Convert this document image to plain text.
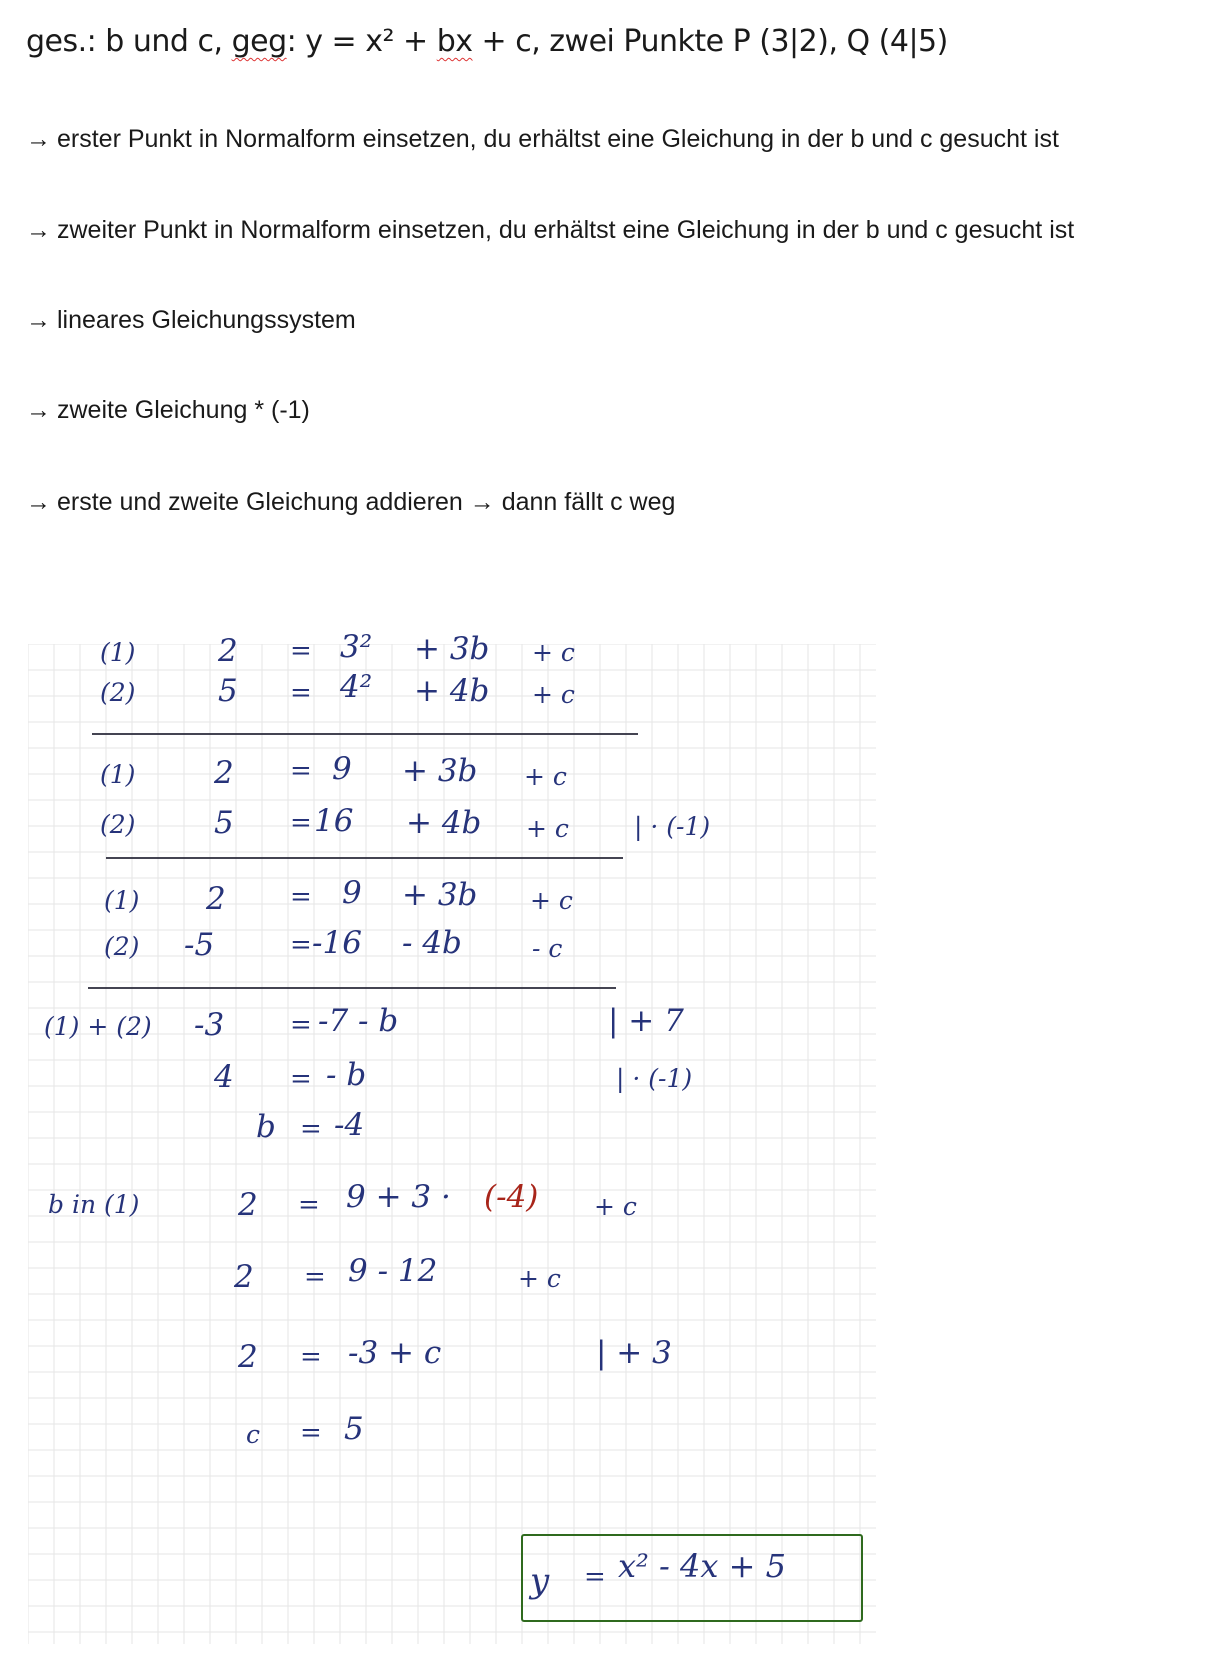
ges.: b und c, geg: y = x² + bx + c, zwei Punkte P (3|2), Q (4|5)
→ erster Punkt in Normalform einsetzen, du erhältst eine Gleichung in der b und c gesucht ist
→ zweiter Punkt in Normalform einsetzen, du erhältst eine Gleichung in der b und c gesucht ist
→ lineares Gleichungssystem
→ zweite Gleichung * (-1)
→ erste und zweite Gleichung addieren → dann fällt c weg
(1)	2 = 3² + 3b + c
(2)	5 = 4² + 4b + c
(1)	2 = 9 + 3b + c
(2)	5 = 16 + 4b + c	| · (-1)
(1) 2 = 9 + 3b + c
(2) -5	= -16 - 4b	- c
(1) + (2) -3	= -7 - b	| + 7
4 = - b	| · (-1)
b = -4
b in (1)	2 = 9 + 3 · (-4) + c
2 = 9 - 12	+ c
2 = -3 + c	| + 3
c = 5
y = x² - 4x + 5
